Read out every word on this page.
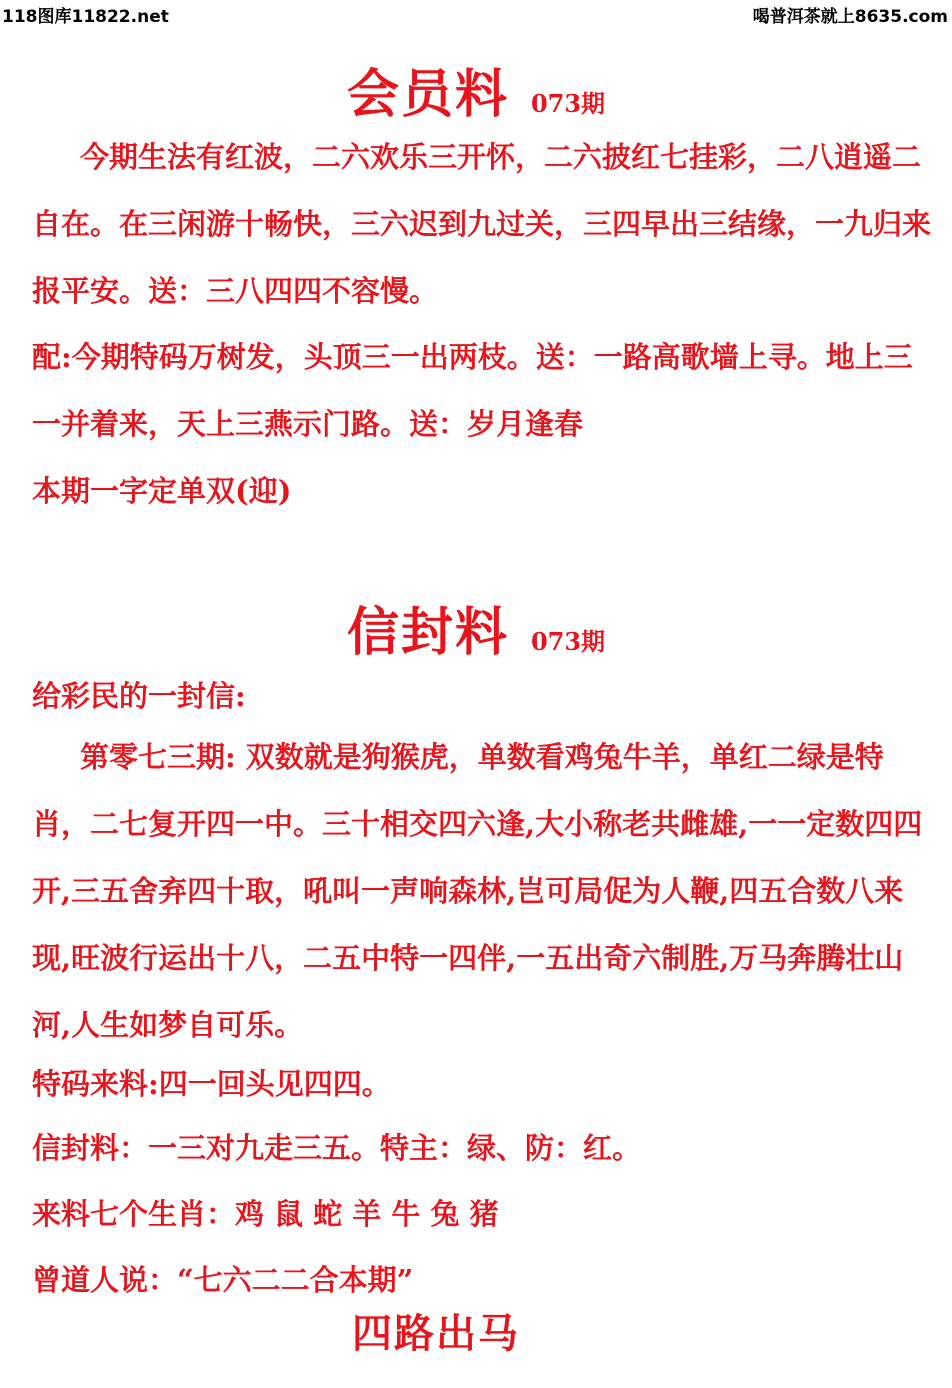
118图库11822.net	喝普洱茶就上8635.com
会员料 073期
今期生法有红波，二六欢乐三开怀，二六披红七挂彩，二八逍遥二自在。在三闲游十畅快，三六迟到九过关，三四早出三结缘，一九归来报平安。送：三八四四不容慢。
配:今期特码万树发，头顶三一出两枝。送：一路高歌墙上寻。地上三一并着来，天上三燕示门路。送：岁月逢春
本期一字定单双(迎)
信封料 073期
给彩民的一封信:
第零七三期: 双数就是狗猴虎，单数看鸡兔牛羊，单红二绿是特肖，二七复开四一中。三十相交四六逢,大小称老共雌雄,一一定数四四开,三五舍弃四十取，吼叫一声响森林,岂可局促为人鞭,四五合数八来现,旺波行运出十八，二五中特一四伴,一五出奇六制胜,万马奔腾壮山河,人生如梦自可乐。
特码来料:四一回头见四四。
信封料：一三对九走三五。特主：绿、防：红。
来料七个生肖：鸡 鼠 蛇 羊 牛 兔 猪
曾道人说：“七六二二合本期”
四路出马
